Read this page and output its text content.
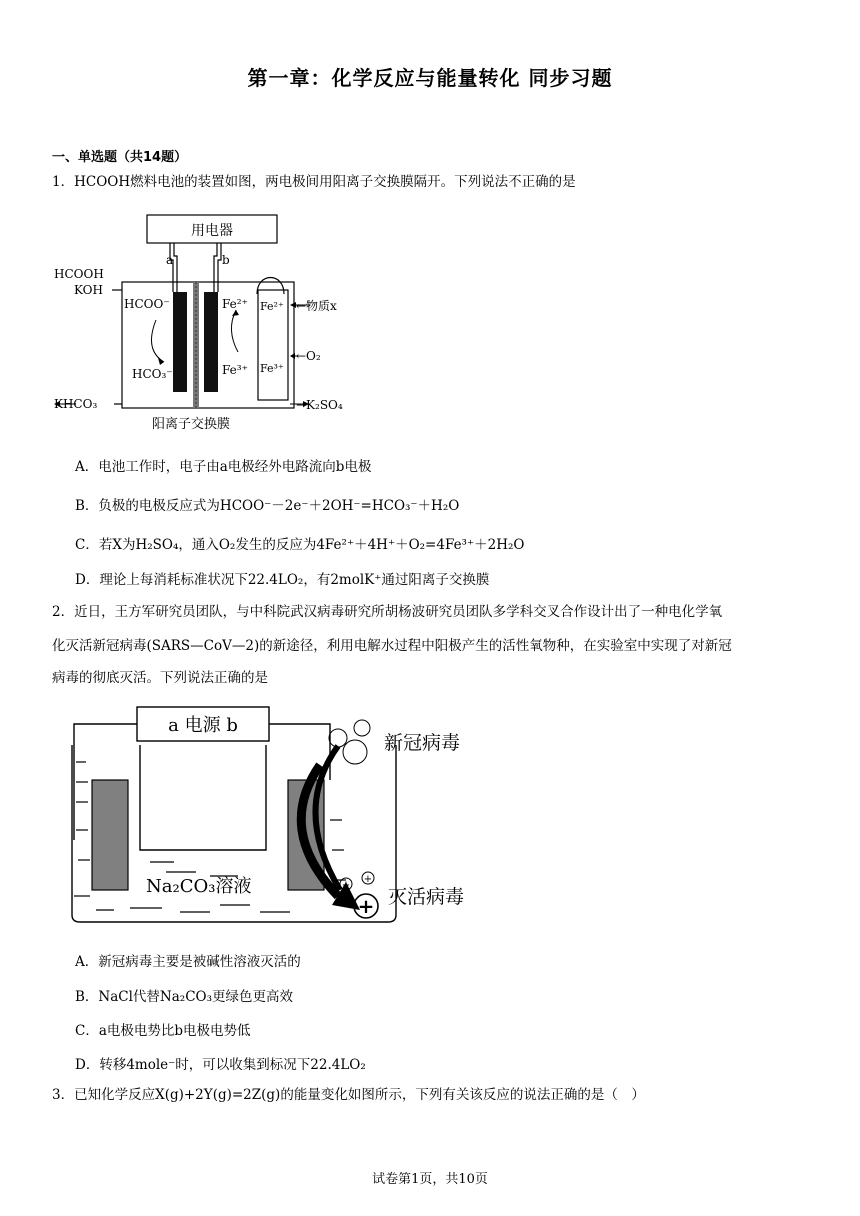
第一章：化学反应与能量转化 同步习题
一、单选题（共14题）
1．HCOOH燃料电池的装置如图，两电极间用阳离子交换膜隔开。下列说法不正确的是
用电器
a	b
HCOOH
KOH
KHCO₃
HCOO⁻
HCO₃⁻
Fe²⁺
Fe³⁺
Fe²⁺
Fe³⁺
←物质x
←O₂
→K₂SO₄
阳离子交换膜
A．电池工作时，电子由a电极经外电路流向b电极
B．负极的电极反应式为HCOO⁻－2e⁻＋2OH⁻=HCO₃⁻＋H₂O
C．若X为H₂SO₄，通入O₂发生的反应为4Fe²⁺＋4H⁺＋O₂=4Fe³⁺＋2H₂O
D．理论上每消耗标准状况下22.4LO₂，有2molK⁺通过阳离子交换膜
2．近日，王方军研究员团队，与中科院武汉病毒研究所胡杨波研究员团队多学科交叉合作设计出了一种电化学氧
化灭活新冠病毒(SARS—CoV—2)的新途径，利用电解水过程中阳极产生的活性氧物种，在实验室中实现了对新冠
病毒的彻底灭活。下列说法正确的是
+
+
+
a 电源 b
新冠病毒
Na₂CO₃溶液	灭活病毒
A．新冠病毒主要是被碱性溶液灭活的
B．NaCl代替Na₂CO₃更绿色更高效
C．a电极电势比b电极电势低
D．转移4mole⁻时，可以收集到标况下22.4LO₂
3．已知化学反应X(g)+2Y(g)=2Z(g)的能量变化如图所示，下列有关该反应的说法正确的是（　）
试卷第1页，共10页
